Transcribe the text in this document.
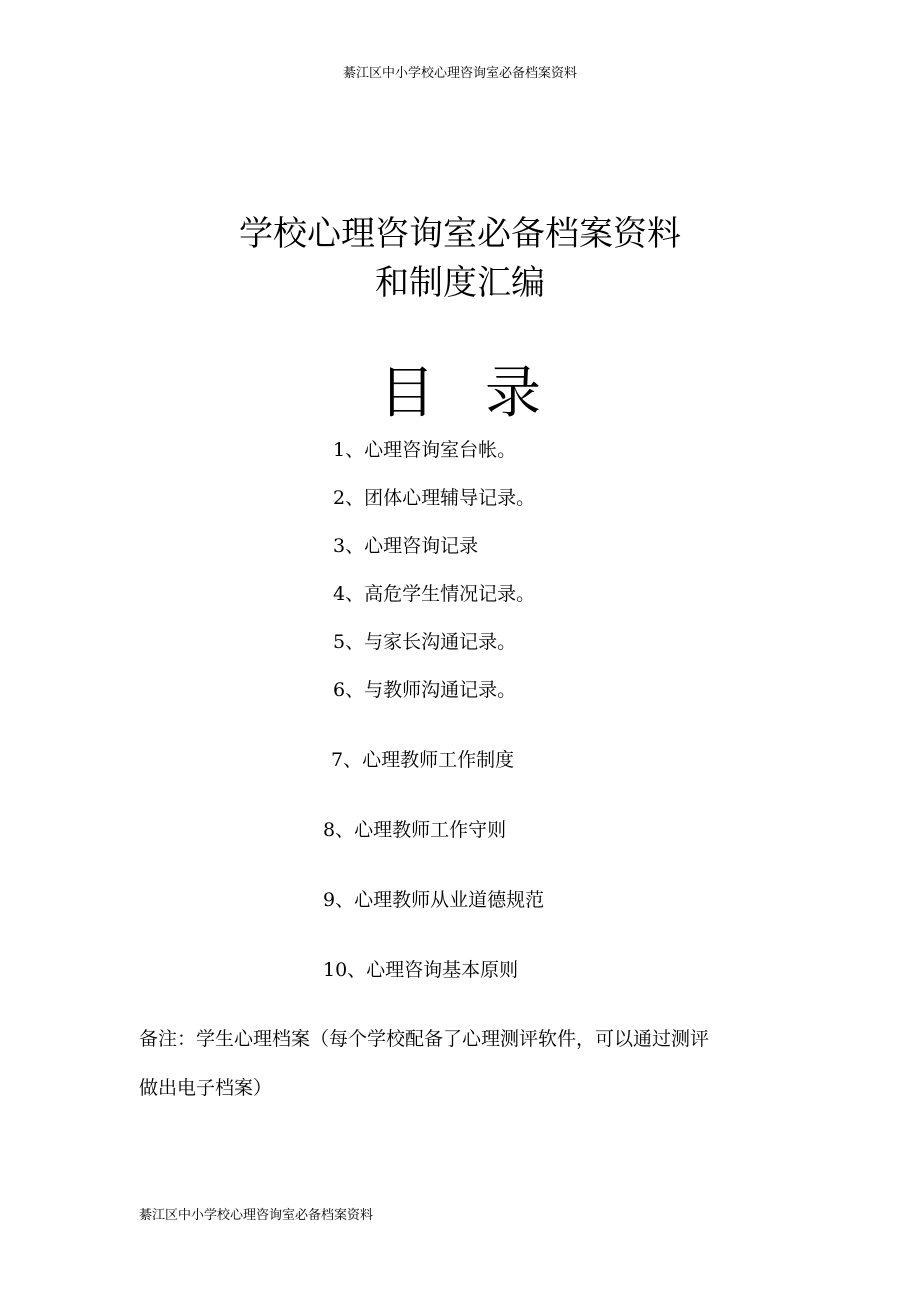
綦江区中小学校心理咨询室必备档案资料
学校心理咨询室必备档案资料
和制度汇编
目录
1、心理咨询室台帐。
2、团体心理辅导记录。
3、心理咨询记录
4、高危学生情况记录。
5、与家长沟通记录。
6、与教师沟通记录。
7、心理教师工作制度
8、心理教师工作守则
9、心理教师从业道德规范
10、心理咨询基本原则
备注：学生心理档案（每个学校配备了心理测评软件，可以通过测评
做出电子档案）
綦江区中小学校心理咨询室必备档案资料
